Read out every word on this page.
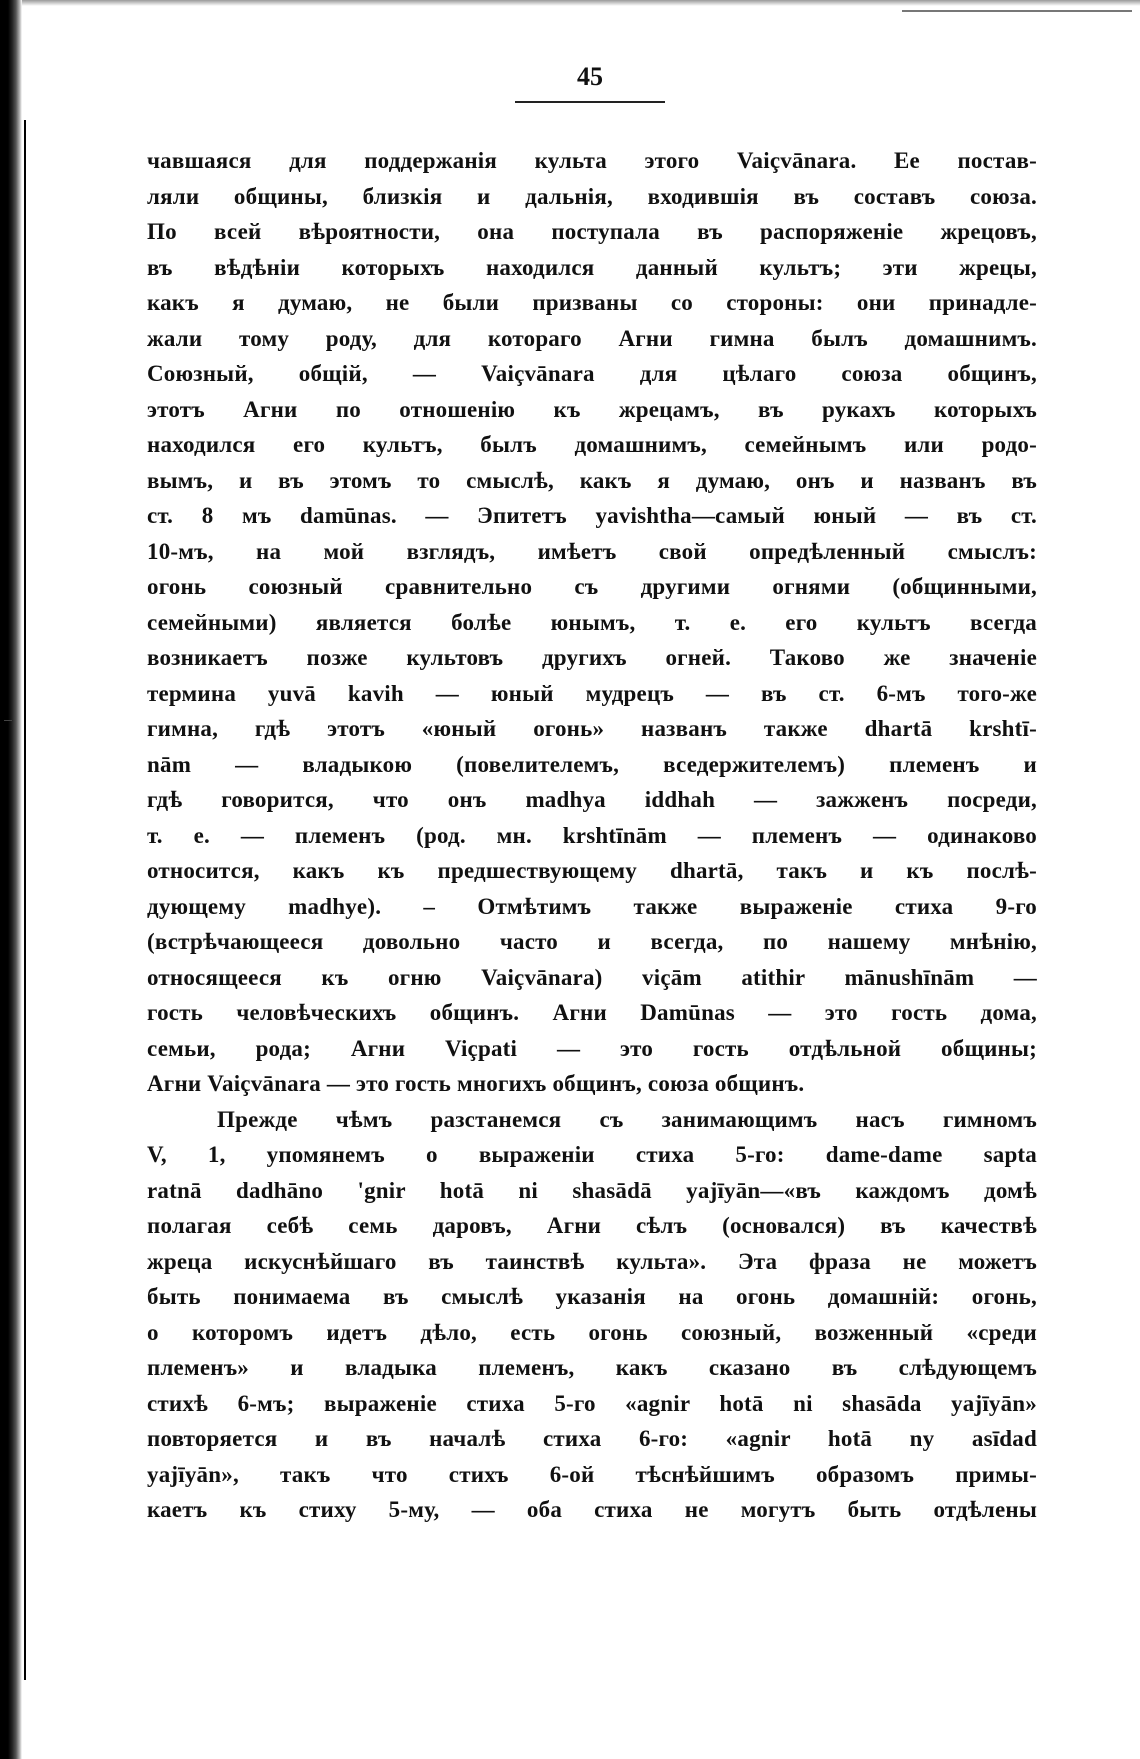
45
чавшаяся для поддержанія культа этого Vaiçvānara. Ее постав-
ляли общины, близкія и дальнія, входившія въ составъ союза.
По всей вѣроятности, она поступала въ распоряженіе жрецовъ,
въ вѣдѣніи которыхъ находился данный культъ; эти жрецы,
какъ я думаю, не были призваны со стороны: они принадле-
жали тому роду, для котораго Агни гимна былъ домашнимъ.
Союзный, общій, — Vaiçvānara для цѣлаго союза общинъ,
этотъ Агни по отношенію къ жрецамъ, въ рукахъ которыхъ
находился его культъ, былъ домашнимъ, семейнымъ или родо-
вымъ, и въ этомъ то смыслѣ, какъ я думаю, онъ и названъ въ
ст. 8 мъ damūnas. — Эпитетъ yavishtha—самый юный — въ ст.
10-мъ, на мой взглядъ, имѣетъ свой опредѣленный смыслъ:
огонь союзный сравнительно съ другими огнями (общинными,
семейными) является болѣе юнымъ, т. е. его культъ всегда
возникаетъ позже культовъ другихъ огней. Таково же значеніе
термина yuvā kavih — юный мудрецъ — въ ст. 6-мъ того-же
гимна, гдѣ этотъ «юный огонь» названъ также dhartā krshtī-
nām — владыкою (повелителемъ, вседержителемъ) племенъ и
гдѣ говорится, что онъ madhya iddhah — зажженъ посреди,
т. е. — племенъ (род. мн. krshtīnām — племенъ — одинаково
относится, какъ къ предшествующему dhartā, такъ и къ послѣ-
дующему madhye). – Отмѣтимъ также выраженіе стиха 9-го
(встрѣчающееся довольно часто и всегда, по нашему мнѣнію,
относящееся къ огню Vaiçvānara) viçām atithir mānushīnām —
гость человѣческихъ общинъ. Агни Damūnas — это гость дома,
семьи, рода; Агни Viçpati — это гость отдѣльной общины;
Агни Vaiçvānara — это гость многихъ общинъ, союза общинъ.
Прежде чѣмъ разстанемся съ занимающимъ насъ гимномъ
V, 1, упомянемъ о выраженіи стиха 5-го: dame-dame sapta
ratnā dadhāno 'gnir hotā ni shasādā yajīyān—«въ каждомъ домѣ
полагая себѣ семь даровъ, Агни сѣлъ (основался) въ качествѣ
жреца искуснѣйшаго въ таинствѣ культа». Эта фраза не можетъ
быть понимаема въ смыслѣ указанія на огонь домашній: огонь,
о которомъ идетъ дѣло, есть огонь союзный, возженный «среди
племенъ» и владыка племенъ, какъ сказано въ слѣдующемъ
стихѣ 6-мъ; выраженіе стиха 5-го «agnir hotā ni shasāda yajīyān»
повторяется и въ началѣ стиха 6-го: «agnir hotā ny asīdad
yajīyān», такъ что стихъ 6-ой тѣснѣйшимъ образомъ примы-
каетъ къ стиху 5-му, — оба стиха не могутъ быть отдѣлены
